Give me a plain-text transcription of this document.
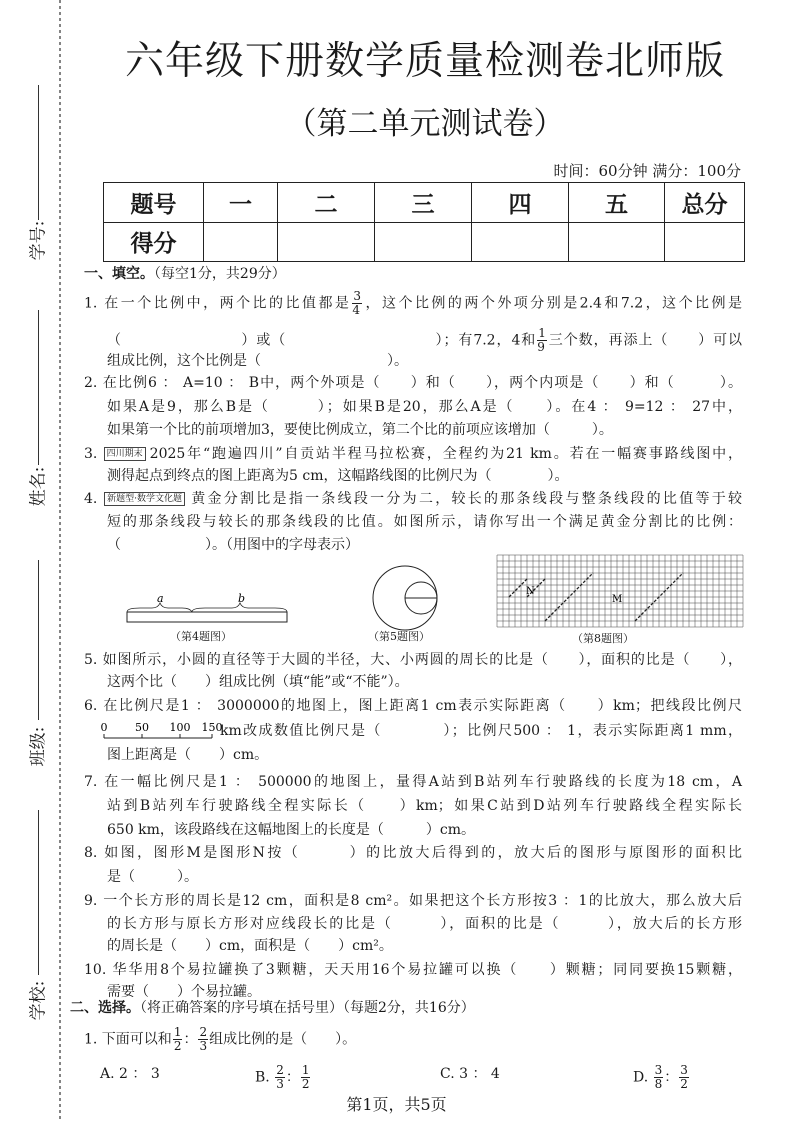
六年级下册数学质量检测卷北师版
（第二单元测试卷）
时间：60分钟 满分：100分
题号	一	二	三	四	五	总分
得分						
学号:
姓名:
班级:
学校:
一、填空。（每空1分，共29分）
1. 在一个比例中，两个比的比值都是 $\frac{3}{4}$ ，这个比例的两个外项分别是2.4和7.2，这个比例是
（　　　　　　　　）或（　　　　　　　　　　）；有7.2，4和 $\frac{1}{9}$ 三个数，再添上（　　）可以
组成比例，这个比例是（　　　　　　　　　）。
2. 在比例6 ： A=10 ： B中，两个外项是（　　）和（　　），两个内项是（　　）和（　　　）。
如果A是9，那么B是（　　　）；如果B是20，那么A是（　　）。在4 ： 9=12 ： 27中，
如果第一个比的前项增加3，要使比例成立，第二个比的前项应该增加（　　　）。
3. 四川期末 2025年“跑遍四川”自贡站半程马拉松赛，全程约为21 km。若在一幅赛事路线图中，
测得起点到终点的图上距离为5 cm，这幅路线图的比例尺为（　　　　）。
4. 新题型·数学文化题 黄金分割比是指一条线段一分为二，较长的那条线段与整条线段的比值等于较
短的那条线段与较长的那条线段的比值。如图所示，请你写出一个满足黄金分割比的比例：
（　　　　　　）。（用图中的字母表示）
5. 如图所示，小圆的直径等于大圆的半径，大、小两圆的周长的比是（　　），面积的比是（　　），
这两个比（　　）组成比例（填“能”或“不能”）。
6. 在比例尺是1 ： 3000000的地图上，图上距离1 cm表示实际距离（　　）km；把线段比例尺
0	50 100 150
km改成数值比例尺是（　　　　）；比例尺500 ： 1，表示实际距离1 mm，
图上距离是（　　）cm。
7. 在一幅比例尺是1 ： 500000的地图上，量得A站到B站列车行驶路线的长度为18 cm，A
站到B站列车行驶路线全程实际长（　　）km；如果C站到D站列车行驶路线全程实际长
650 km，该段路线在这幅地图上的长度是（　　　）cm。
8. 如图，图形M是图形N按（　　　）的比放大后得到的，放大后的图形与原图形的面积比
是（　　　）。
9. 一个长方形的周长是12 cm，面积是8 cm²。如果把这个长方形按3 ：1的比放大，那么放大后
的长方形与原长方形对应线段长的比是（　　　），面积的比是（　　　），放大后的长方形
的周长是（　　）cm，面积是（　　）cm²。
10. 华华用8个易拉罐换了3颗糖，天天用16个易拉罐可以换（　　）颗糖；同同要换15颗糖，
需要（　　）个易拉罐。
二、选择。（将正确答案的序号填在括号里）（每题2分，共16分）
1. 下面可以和 $\frac{1}{2}$ ： $\frac{2}{3}$ 组成比例的是（　　）。
A. 2 ： 3	B. $\frac{2}{3}$ ： $\frac{1}{2}$	C. 3 ： 4	D. $\frac{3}{8}$ ： $\frac{3}{2}$
a	b
（第4题图）	（第5题图）
N
M
（第8题图）
第1页，共5页
